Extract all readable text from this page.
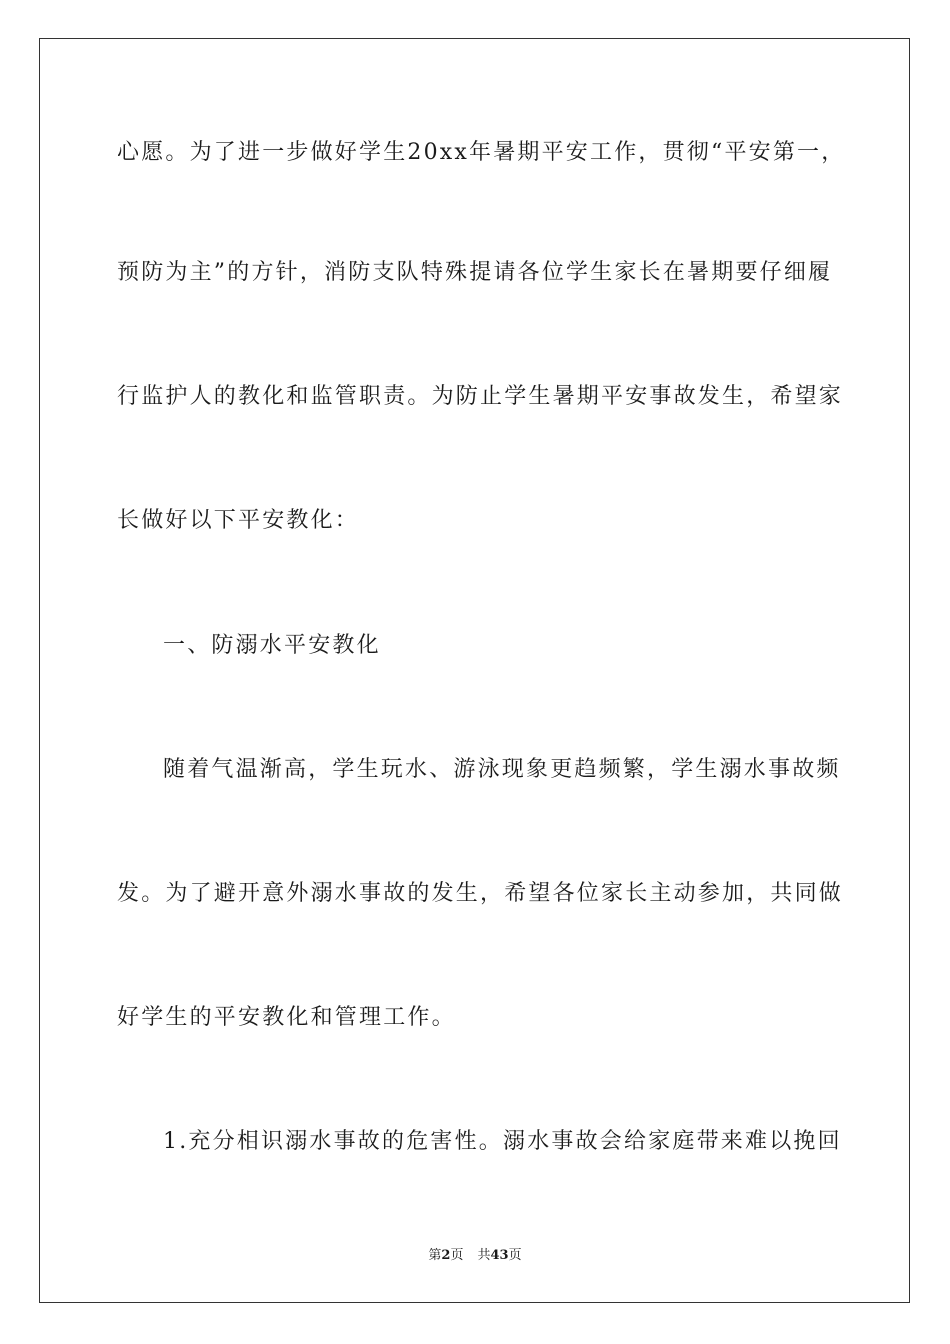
心愿。为了进一步做好学生20xx年暑期平安工作，贯彻“平安第一，
预防为主”的方针，消防支队特殊提请各位学生家长在暑期要仔细履
行监护人的教化和监管职责。为防止学生暑期平安事故发生，希望家
长做好以下平安教化：
一、防溺水平安教化
随着气温渐高，学生玩水、游泳现象更趋频繁，学生溺水事故频
发。为了避开意外溺水事故的发生，希望各位家长主动参加，共同做
好学生的平安教化和管理工作。
1.充分相识溺水事故的危害性。溺水事故会给家庭带来难以挽回
第2页 共43页
